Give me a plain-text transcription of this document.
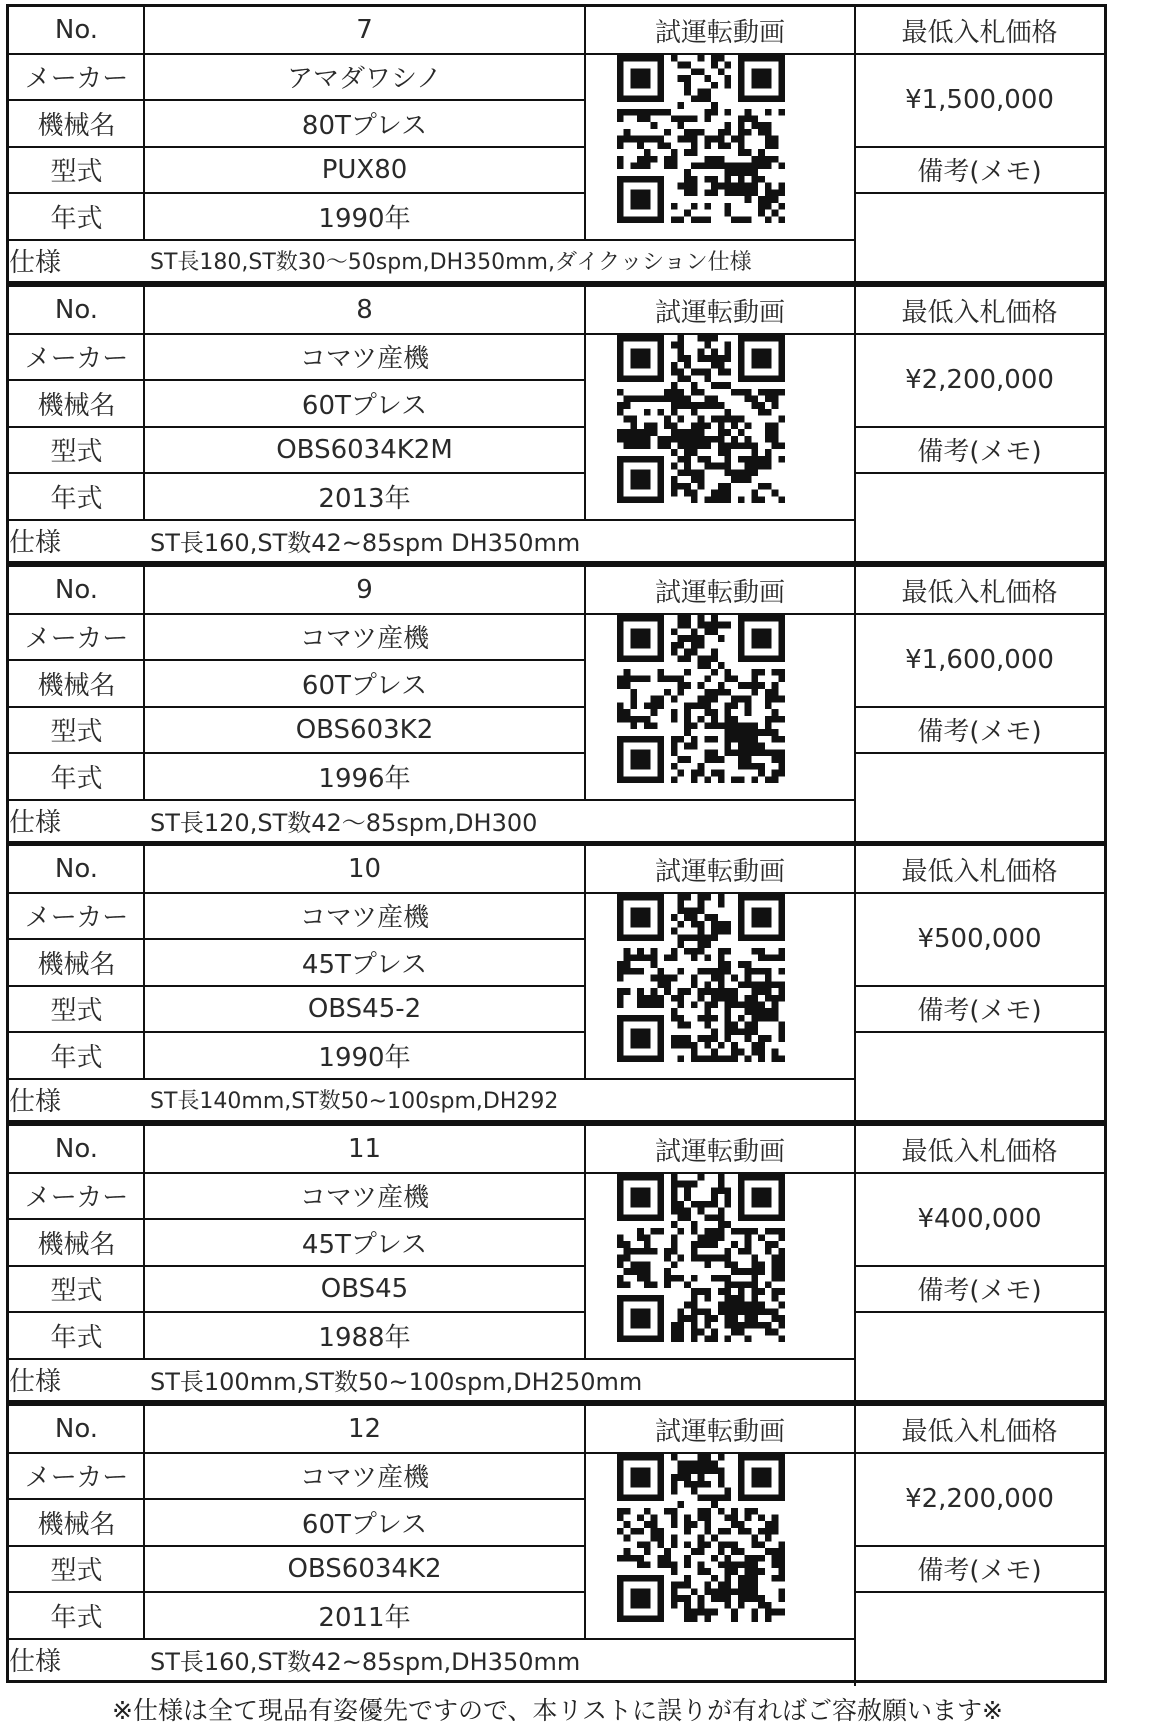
No.	7
メーカー	アマダワシノ
機械名	80Tプレス
型式	PUX80
年式	1990年
仕様	ST長180,ST数30～50spm,DH350mm,ダイクッション仕様
試運転動画	最低入札価格
¥1,500,000
備考(メモ)
No.	8
メーカー	コマツ産機
機械名	60Tプレス
型式	OBS6034K2M
年式	2013年
仕様	ST長160,ST数42~85spm DH350mm
試運転動画	最低入札価格
¥2,200,000
備考(メモ)
No.	9
メーカー	コマツ産機
機械名	60Tプレス
型式	OBS603K2
年式	1996年
仕様	ST長120,ST数42～85spm,DH300
試運転動画	最低入札価格
¥1,600,000
備考(メモ)
No.	10
メーカー	コマツ産機
機械名	45Tプレス
型式	OBS45-2
年式	1990年
仕様	ST長140mm,ST数50~100spm,DH292
試運転動画	最低入札価格
¥500,000
備考(メモ)
No.	11
メーカー	コマツ産機
機械名	45Tプレス
型式	OBS45
年式	1988年
仕様	ST長100mm,ST数50~100spm,DH250mm
試運転動画	最低入札価格
¥400,000
備考(メモ)
No.	12
メーカー	コマツ産機
機械名	60Tプレス
型式	OBS6034K2
年式	2011年
仕様	ST長160,ST数42~85spm,DH350mm
試運転動画	最低入札価格
¥2,200,000
備考(メモ)
※仕様は全て現品有姿優先ですので、本リストに誤りが有ればご容赦願います※
